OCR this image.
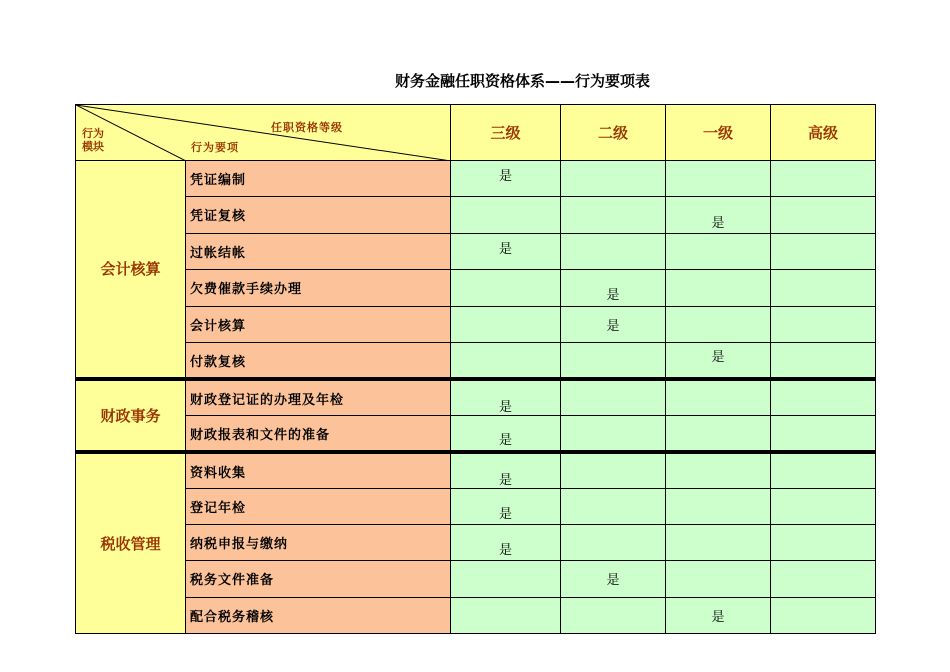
财务金融任职资格体系——行为要项表
任职资格等级
行为
模块 行为要项		三级	二级	一级	高级
会计核算	凭证编制	是			

	凭证复核			是	

	过帐结帐	是			

	欠费催款手续办理		是		

	会计核算		是		

	付款复核			是	

财政事务	财政登记证的办理及年检	是			

	财政报表和文件的准备	是			

税收管理	资料收集	是			

	登记年检	是			

	纳税申报与缴纳	是			

	税务文件准备		是		

	配合税务稽核			是	
